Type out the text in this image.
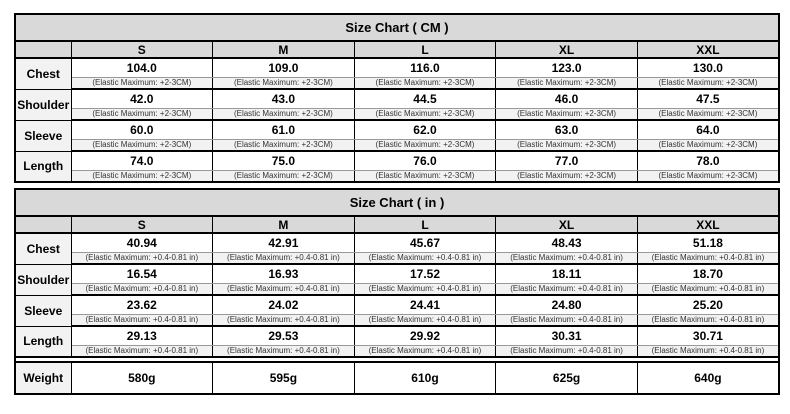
Size Chart ( CM )					
	S	M	L	XL	XXL
Chest	104.0	109.0	116.0	123.0	130.0
	(Elastic Maximum: +2-3CM)	(Elastic Maximum: +2-3CM)	(Elastic Maximum: +2-3CM)	(Elastic Maximum: +2-3CM)	(Elastic Maximum: +2-3CM)
Shoulder	42.0	43.0	44.5	46.0	47.5
	(Elastic Maximum: +2-3CM)	(Elastic Maximum: +2-3CM)	(Elastic Maximum: +2-3CM)	(Elastic Maximum: +2-3CM)	(Elastic Maximum: +2-3CM)
Sleeve	60.0	61.0	62.0	63.0	64.0
	(Elastic Maximum: +2-3CM)	(Elastic Maximum: +2-3CM)	(Elastic Maximum: +2-3CM)	(Elastic Maximum: +2-3CM)	(Elastic Maximum: +2-3CM)
Length	74.0	75.0	76.0	77.0	78.0
	(Elastic Maximum: +2-3CM)	(Elastic Maximum: +2-3CM)	(Elastic Maximum: +2-3CM)	(Elastic Maximum: +2-3CM)	(Elastic Maximum: +2-3CM)
Size Chart ( in )					
	S	M	L	XL	XXL
Chest	40.94	42.91	45.67	48.43	51.18
	(Elastic Maximum: +0.4-0.81 in)	(Elastic Maximum: +0.4-0.81 in)	(Elastic Maximum: +0.4-0.81 in)	(Elastic Maximum: +0.4-0.81 in)	(Elastic Maximum: +0.4-0.81 in)
Shoulder	16.54	16.93	17.52	18.11	18.70
	(Elastic Maximum: +0.4-0.81 in)	(Elastic Maximum: +0.4-0.81 in)	(Elastic Maximum: +0.4-0.81 in)	(Elastic Maximum: +0.4-0.81 in)	(Elastic Maximum: +0.4-0.81 in)
Sleeve	23.62	24.02	24.41	24.80	25.20
	(Elastic Maximum: +0.4-0.81 in)	(Elastic Maximum: +0.4-0.81 in)	(Elastic Maximum: +0.4-0.81 in)	(Elastic Maximum: +0.4-0.81 in)	(Elastic Maximum: +0.4-0.81 in)
Length	29.13	29.53	29.92	30.31	30.71
	(Elastic Maximum: +0.4-0.81 in)	(Elastic Maximum: +0.4-0.81 in)	(Elastic Maximum: +0.4-0.81 in)	(Elastic Maximum: +0.4-0.81 in)	(Elastic Maximum: +0.4-0.81 in)

Weight	580g	595g	610g	625g	640g
